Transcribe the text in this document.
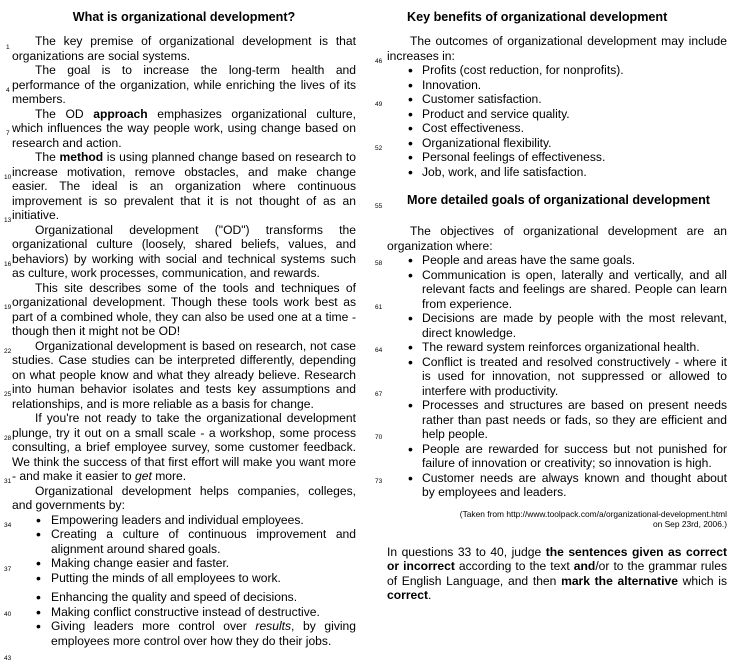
1
4
7
10
13
16
19
22
25
28
31
34
37
40
43
46
49
52
55
58
61
64
67
70
73
What is organizational development?

The key premise of organizational development is that organizations are social systems.

The goal is to increase the long-term health and performance of the organization, while enriching the lives of its members.

The OD approach emphasizes organizational culture, which influences the way people work, using change based on research and action.

The method is using planned change based on research to increase motivation, remove obstacles, and make change easier. The ideal is an organization where continuous improvement is so prevalent that it is not thought of as an initiative.

Organizational development ("OD") transforms the organizational culture (loosely, shared beliefs, values, and behaviors) by working with social and technical systems such as culture, work processes, communication, and rewards.

This site describes some of the tools and techniques of organizational development. Though these tools work best as part of a combined whole, they can also be used one at a time - though then it might not be OD!

Organizational development is based on research, not case studies. Case studies can be interpreted differently, depending on what people know and what they already believe. Research into human behavior isolates and tests key assumptions and relationships, and is more reliable as a basis for change.

If you're not ready to take the organizational development plunge, try it out on a small scale - a workshop, some process consulting, a brief employee survey, some customer feedback. We think the success of that first effort will make you want more - and make it easier to get more.

Organizational development helps companies, colleges, and governments by:

• Empowering leaders and individual employees.
• Creating a culture of continuous improvement and alignment around shared goals.
• Making change easier and faster.
• Putting the minds of all employees to work.
• Enhancing the quality and speed of decisions.
• Making conflict constructive instead of destructive.
• Giving leaders more control over results, by giving employees more control over how they do their jobs.
Key benefits of organizational development

The outcomes of organizational development may include increases in:

• Profits (cost reduction, for nonprofits).
• Innovation.
• Customer satisfaction.
• Product and service quality.
• Cost effectiveness.
• Organizational flexibility.
• Personal feelings of effectiveness.
• Job, work, and life satisfaction.
More detailed goals of organizational development

The objectives of organizational development are an organization where:

• People and areas have the same goals.
• Communication is open, laterally and vertically, and all relevant facts and feelings are shared. People can learn from experience.
• Decisions are made by people with the most relevant, direct knowledge.
• The reward system reinforces organizational health.
• Conflict is treated and resolved constructively - where it is used for innovation, not suppressed or allowed to interfere with productivity.
• Processes and structures are based on present needs rather than past needs or fads, so they are efficient and help people.
• People are rewarded for success but not punished for failure of innovation or creativity; so innovation is high.
• Customer needs are always known and thought about by employees and leaders.
(Taken from http://www.toolpack.com/a/organizational-development.html
on Sep 23rd, 2006.)

In questions 33 to 40, judge the sentences given as correct or incorrect according to the text and/or to the grammar rules of English Language, and then mark the alternative which is correct.
